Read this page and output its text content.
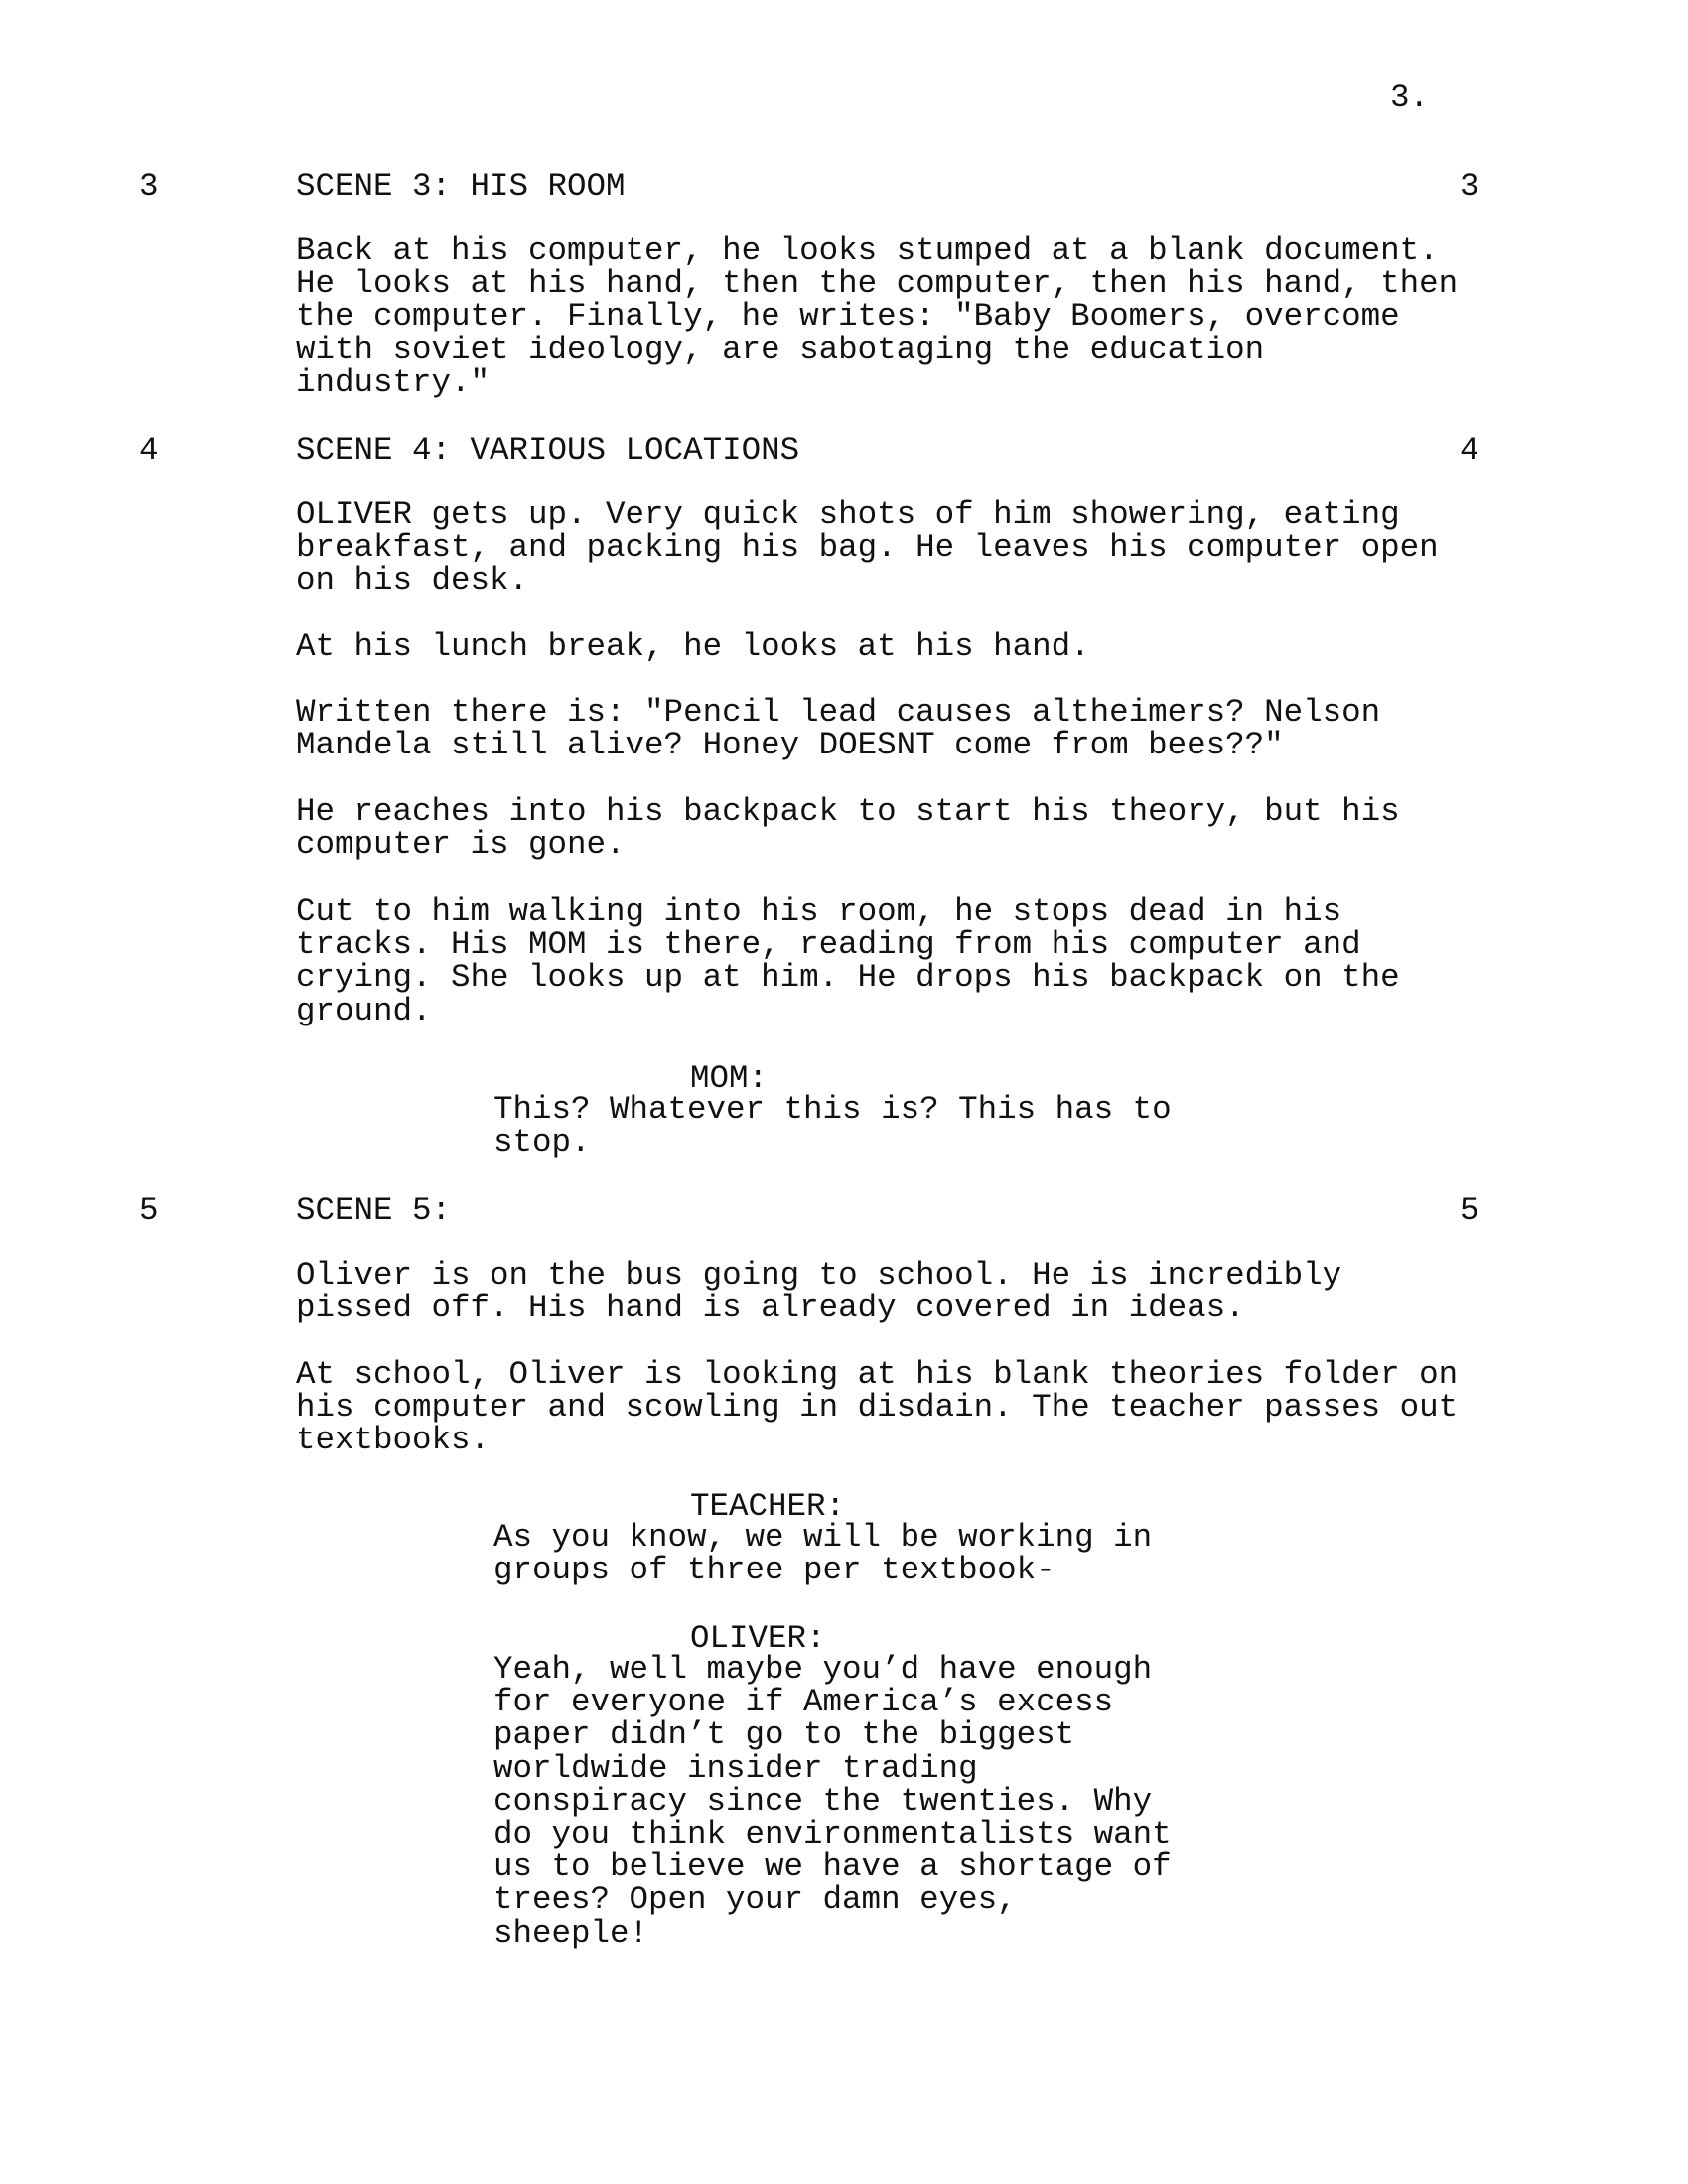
3.
3	SCENE 3: HIS ROOM	3

Back at his computer, he looks stumped at a blank document.
He looks at his hand, then the computer, then his hand, then
the computer. Finally, he writes: "Baby Boomers, overcome
with soviet ideology, are sabotaging the education
industry."

4	SCENE 4: VARIOUS LOCATIONS	4

OLIVER gets up. Very quick shots of him showering, eating
breakfast, and packing his bag. He leaves his computer open
on his desk.

At his lunch break, he looks at his hand.

Written there is: "Pencil lead causes altheimers? Nelson
Mandela still alive? Honey DOESNT come from bees??"

He reaches into his backpack to start his theory, but his
computer is gone.

Cut to him walking into his room, he stops dead in his
tracks. His MOM is there, reading from his computer and
crying. She looks up at him. He drops his backpack on the
ground.

MOM:

This? Whatever this is? This has to
stop.

5	SCENE 5:	5

Oliver is on the bus going to school. He is incredibly
pissed off. His hand is already covered in ideas.

At school, Oliver is looking at his blank theories folder on
his computer and scowling in disdain. The teacher passes out
textbooks.

TEACHER:

As you know, we will be working in
groups of three per textbook-

OLIVER:

Yeah, well maybe you’d have enough
for everyone if America’s excess
paper didn’t go to the biggest
worldwide insider trading
conspiracy since the twenties. Why
do you think environmentalists want
us to believe we have a shortage of
trees? Open your damn eyes,
sheeple!
